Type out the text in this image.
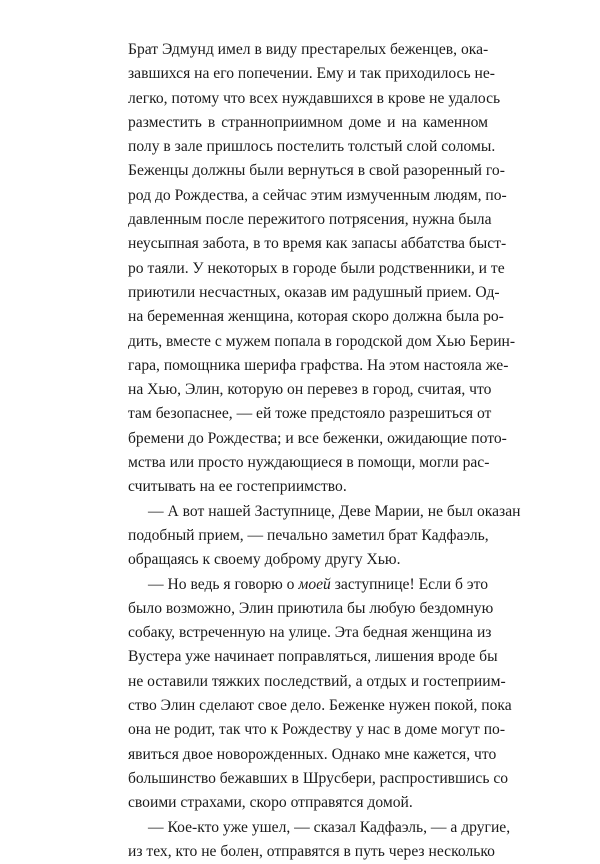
Брат Эдмунд имел в виду престарелых беженцев, ока-
завшихся на его попечении. Ему и так приходилось не-
легко, потому что всех нуждавшихся в крове не удалось
разместить в странноприимном доме и на каменном
полу в зале пришлось постелить толстый слой соломы.
Беженцы должны были вернуться в свой разоренный го-
род до Рождества, а сейчас этим измученным людям, по-
давленным после пережитого потрясения, нужна была
неусыпная забота, в то время как запасы аббатства быст-
ро таяли. У некоторых в городе были родственники, и те
приютили несчастных, оказав им радушный прием. Од-
на беременная женщина, которая скоро должна была ро-
дить, вместе с мужем попала в городской дом Хью Берин-
гара, помощника шерифа графства. На этом настояла же-
на Хью, Элин, которую он перевез в город, считая, что
там безопаснее, — ей тоже предстояло разрешиться от
бремени до Рождества; и все беженки, ожидающие пото-
мства или просто нуждающиеся в помощи, могли рас-
считывать на ее гостеприимство.
— А вот нашей Заступнице, Деве Марии, не был оказан
подобный прием, — печально заметил брат Кадфаэль,
обращаясь к своему доброму другу Хью.
— Но ведь я говорю о моей заступнице! Если б это
было возможно, Элин приютила бы любую бездомную
собаку, встреченную на улице. Эта бедная женщина из
Вустера уже начинает поправляться, лишения вроде бы
не оставили тяжких последствий, а отдых и гостеприим-
ство Элин сделают свое дело. Беженке нужен покой, пока
она не родит, так что к Рождеству у нас в доме могут по-
явиться двое новорожденных. Однако мне кажется, что
большинство бежавших в Шрусбери, распростившись со
своими страхами, скоро отправятся домой.
— Кое-кто уже ушел, — сказал Кадфаэль, — а другие,
из тех, кто не болен, отправятся в путь через несколько
